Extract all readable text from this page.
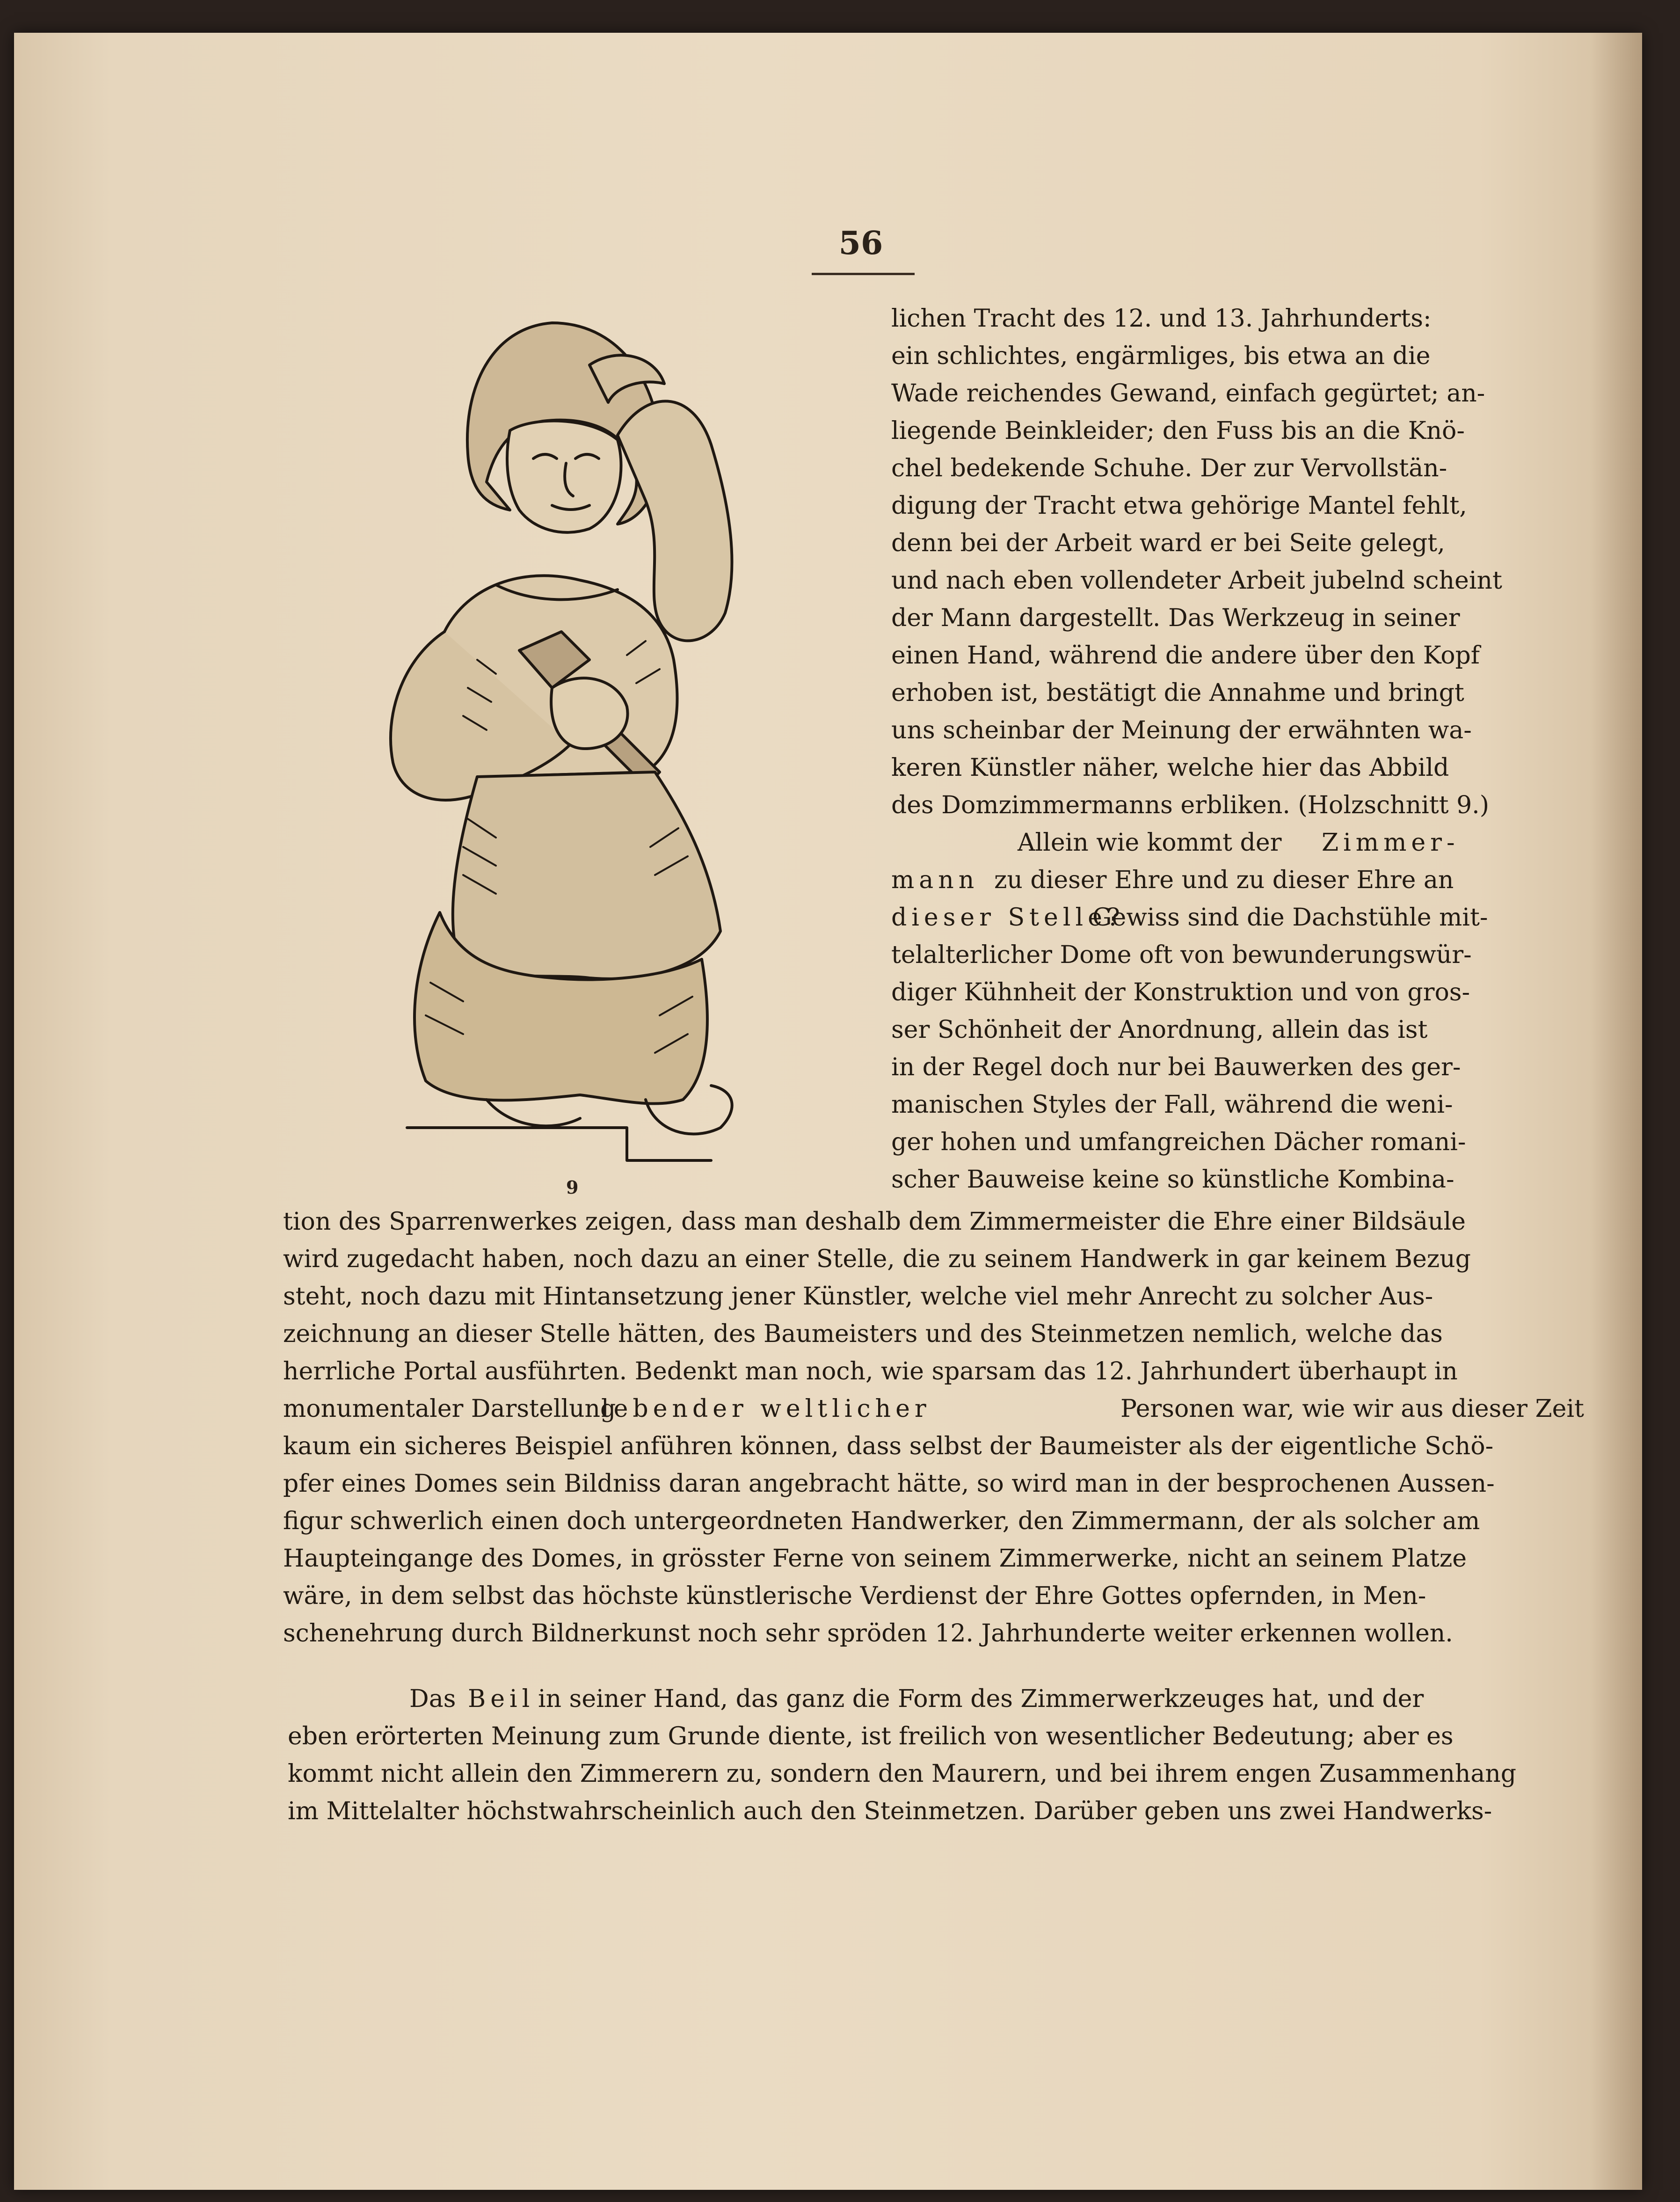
56
9
lichen Tracht des 12. und 13. Jahrhunderts:
ein schlichtes, engärmliges, bis etwa an die
Wade reichendes Gewand, einfach gegürtet; an-
liegende Beinkleider; den Fuss bis an die Knö-
chel bedekende Schuhe. Der zur Vervollstän-
digung der Tracht etwa gehörige Mantel fehlt,
denn bei der Arbeit ward er bei Seite gelegt,
und nach eben vollendeter Arbeit jubelnd scheint
der Mann dargestellt. Das Werkzeug in seiner
einen Hand, während die andere über den Kopf
erhoben ist, bestätigt die Annahme und bringt
uns scheinbar der Meinung der erwähnten wa-
keren Künstler näher, welche hier das Abbild
des Domzimmermanns erbliken. (Holzschnitt 9.)
Allein wie kommt der Zimmer-
mann zu dieser Ehre und zu dieser Ehre an
dieser Stelle?
Gewiss sind die Dachstühle mit-
telalterlicher Dome oft von bewunderungswür-
diger Kühnheit der Konstruktion und von gros-
ser Schönheit der Anordnung, allein das ist
in der Regel doch nur bei Bauwerken des ger-
manischen Styles der Fall, während die weni-
ger hohen und umfangreichen Dächer romani-
scher Bauweise keine so künstliche Kombina-
tion des Sparrenwerkes zeigen, dass man deshalb dem Zimmermeister die Ehre einer Bildsäule
wird zugedacht haben, noch dazu an einer Stelle, die zu seinem Handwerk in gar keinem Bezug
steht, noch dazu mit Hintansetzung jener Künstler, welche viel mehr Anrecht zu solcher Aus-
zeichnung an dieser Stelle hätten, des Baumeisters und des Steinmetzen nemlich, welche das
herrliche Portal ausführten. Bedenkt man noch, wie sparsam das 12. Jahrhundert überhaupt in
monumentaler Darstellung
lebender weltlicher	Personen war, wie wir aus dieser Zeit
kaum ein sicheres Beispiel anführen können, dass selbst der Baumeister als der eigentliche Schö-
pfer eines Domes sein Bildniss daran angebracht hätte, so wird man in der besprochenen Aussen-
figur schwerlich einen doch untergeordneten Handwerker, den Zimmermann, der als solcher am
Haupteingange des Domes, in grösster Ferne von seinem Zimmerwerke, nicht an seinem Platze
wäre, in dem selbst das höchste künstlerische Verdienst der Ehre Gottes opfernden, in Men-
schenehrung durch Bildnerkunst noch sehr spröden 12. Jahrhunderte weiter erkennen wollen.
Das Beil in seiner Hand, das ganz die Form des Zimmerwerkzeuges hat, und der
eben erörterten Meinung zum Grunde diente, ist freilich von wesentlicher Bedeutung; aber es
kommt nicht allein den Zimmerern zu, sondern den Maurern, und bei ihrem engen Zusammenhang
im Mittelalter höchstwahrscheinlich auch den Steinmetzen. Darüber geben uns zwei Handwerks-
